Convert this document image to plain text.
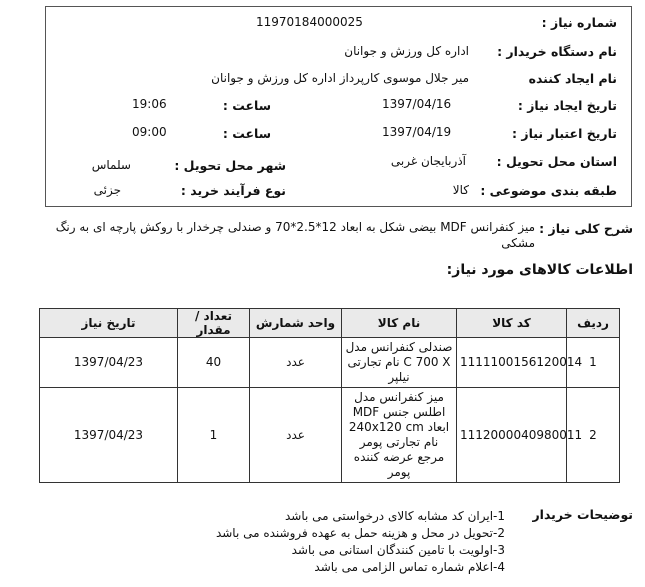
شماره نیاز :
11970184000025
نام دستگاه خریدار :
اداره کل ورزش و جوانان
نام ایجاد کننده
میر جلال موسوی کارپرداز اداره کل ورزش و جوانان
تاریخ ایجاد نیاز :
1397/04/16
ساعت :
19:06
تاریخ اعتبار نیاز :
1397/04/19
ساعت :
09:00
استان محل تحویل :
آذربایجان غربی
شهر محل تحویل :
سلماس
طبقه بندی موضوعی :
کالا
نوع فرآیند خرید :
جزئی
شرح کلی نیاز :
میز کنفرانس MDF بیضی شکل به ابعاد 12*2.5*70 و صندلی چرخدار با روکش پارچه ای به رنگ مشکی
اطلاعات کالاهای مورد نیاز:
ردیف	کد کالا	نام کالا	واحد شمارش	تعداد / مقدار	تاریخ نیاز
1	1111100156120014	صندلی کنفرانس مدل C 700 X نام تجارتی نیلپر	عدد	40	1397/04/23
2	1112000040980011	میز کنفرانس مدل اطلس جنس MDF ابعاد 240x120 cm نام تجارتی پومر مرجع عرضه کننده پومر	عدد	1	1397/04/23
توضیحات خریدار
1-ایران کد مشابه کالای درخواستی می باشد
2-تحویل در محل و هزینه حمل به عهده فروشنده می باشد
3-اولویت با تامین کنندگان استانی می باشد
4-اعلام شماره تماس الزامی می باشد
